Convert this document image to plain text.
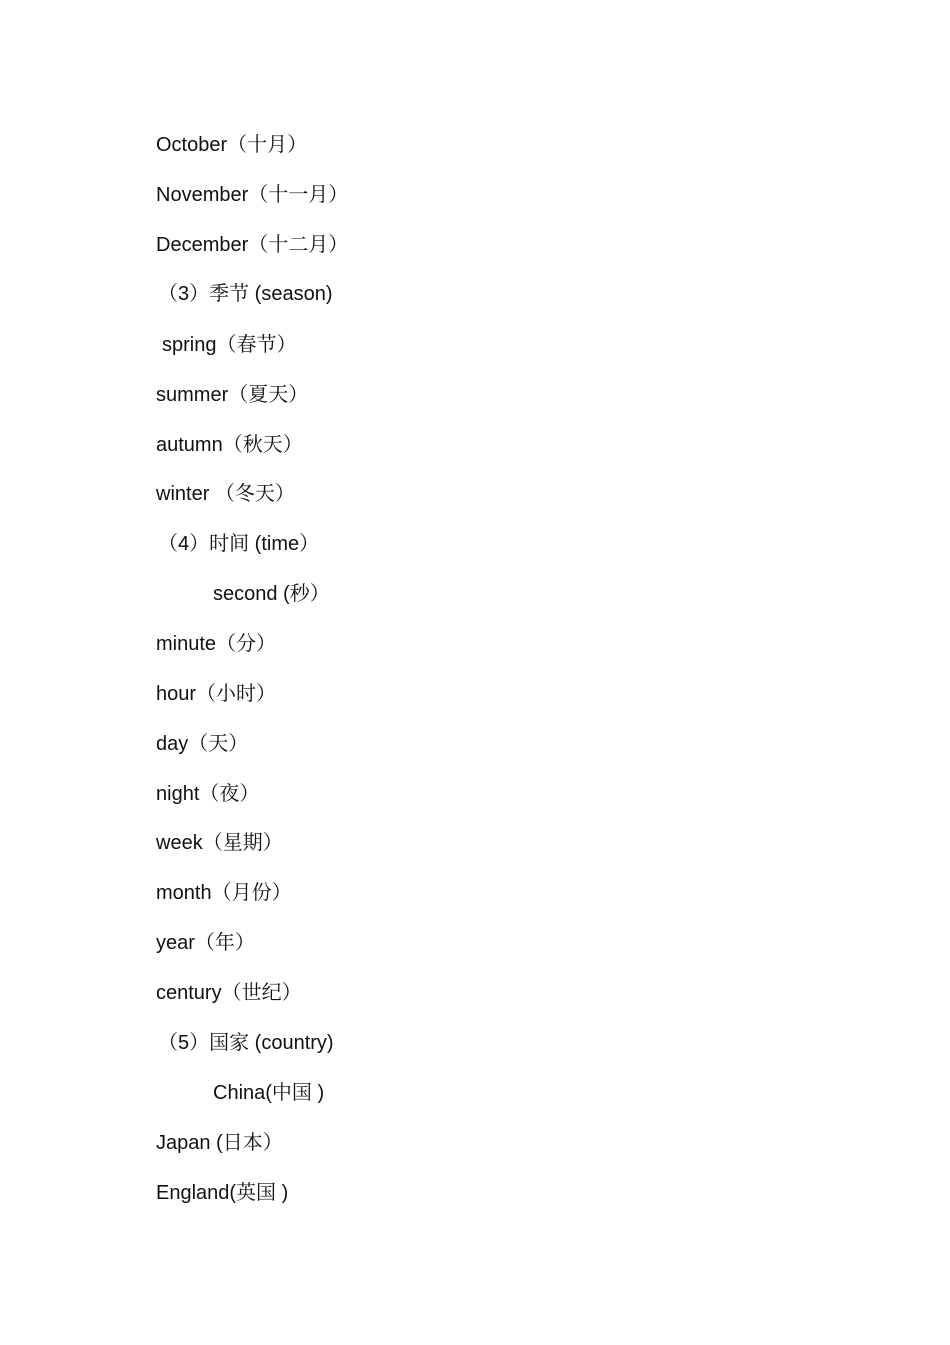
October（十月）
November（十一月）
December（十二月）
（3）季节 (season)
spring（春节）
summer（夏天）
autumn（秋天）
winter （冬天）
（4）时间 (time）
second (秒）
minute（分）
hour（小时）
day（天）
night（夜）
week（星期）
month（月份）
year（年）
century（世纪）
（5）国家 (country)
China(中国 )
Japan (日本）
England(英国 )
